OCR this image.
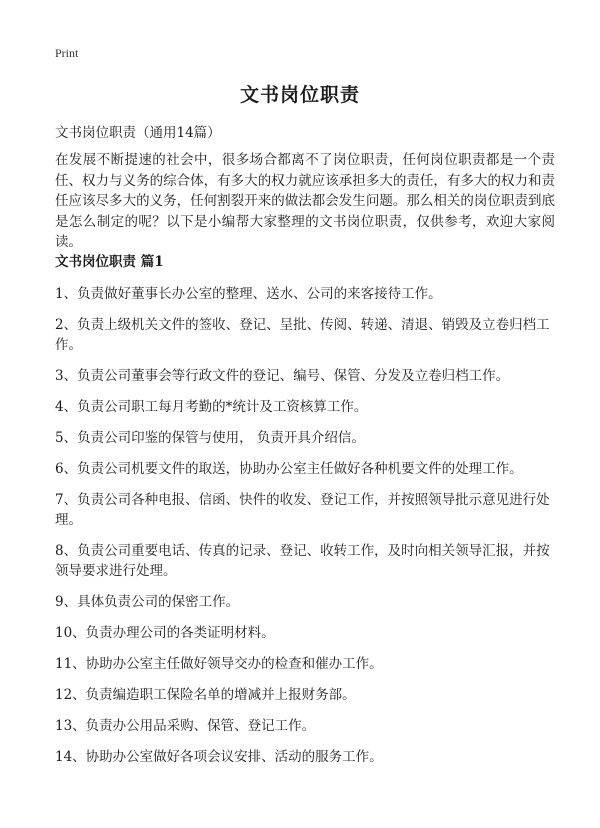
Print
文书岗位职责
文书岗位职责（通用14篇）

在发展不断提速的社会中，很多场合都离不了岗位职责，任何岗位职责都是一个责任、权力与义务的综合体，有多大的权力就应该承担多大的责任，有多大的权力和责任应该尽多大的义务，任何割裂开来的做法都会发生问题。那么相关的岗位职责到底是怎么制定的呢？以下是小编帮大家整理的文书岗位职责，仅供参考，欢迎大家阅读。

文书岗位职责 篇1
1、负责做好董事长办公室的整理、送水、公司的来客接待工作。
2、负责上级机关文件的签收、登记、呈批、传阅、转递、清退、销毁及立卷归档工作。
3、负责公司董事会等行政文件的登记、编号、保管、分发及立卷归档工作。
4、负责公司职工每月考勤的*统计及工资核算工作。
5、负责公司印鉴的保管与使用， 负责开具介绍信。
6、负责公司机要文件的取送，协助办公室主任做好各种机要文件的处理工作。
7、负责公司各种电报、信函、快件的收发、登记工作，并按照领导批示意见进行处理。
8、负责公司重要电话、传真的记录、登记、收转工作，及时向相关领导汇报，并按领导要求进行处理。
9、具体负责公司的保密工作。
10、负责办理公司的各类证明材料。
11、协助办公室主任做好领导交办的检查和催办工作。
12、负责编造职工保险名单的增减并上报财务部。
13、负责办公用品采购、保管、登记工作。
14、协助办公室做好各项会议安排、活动的服务工作。
